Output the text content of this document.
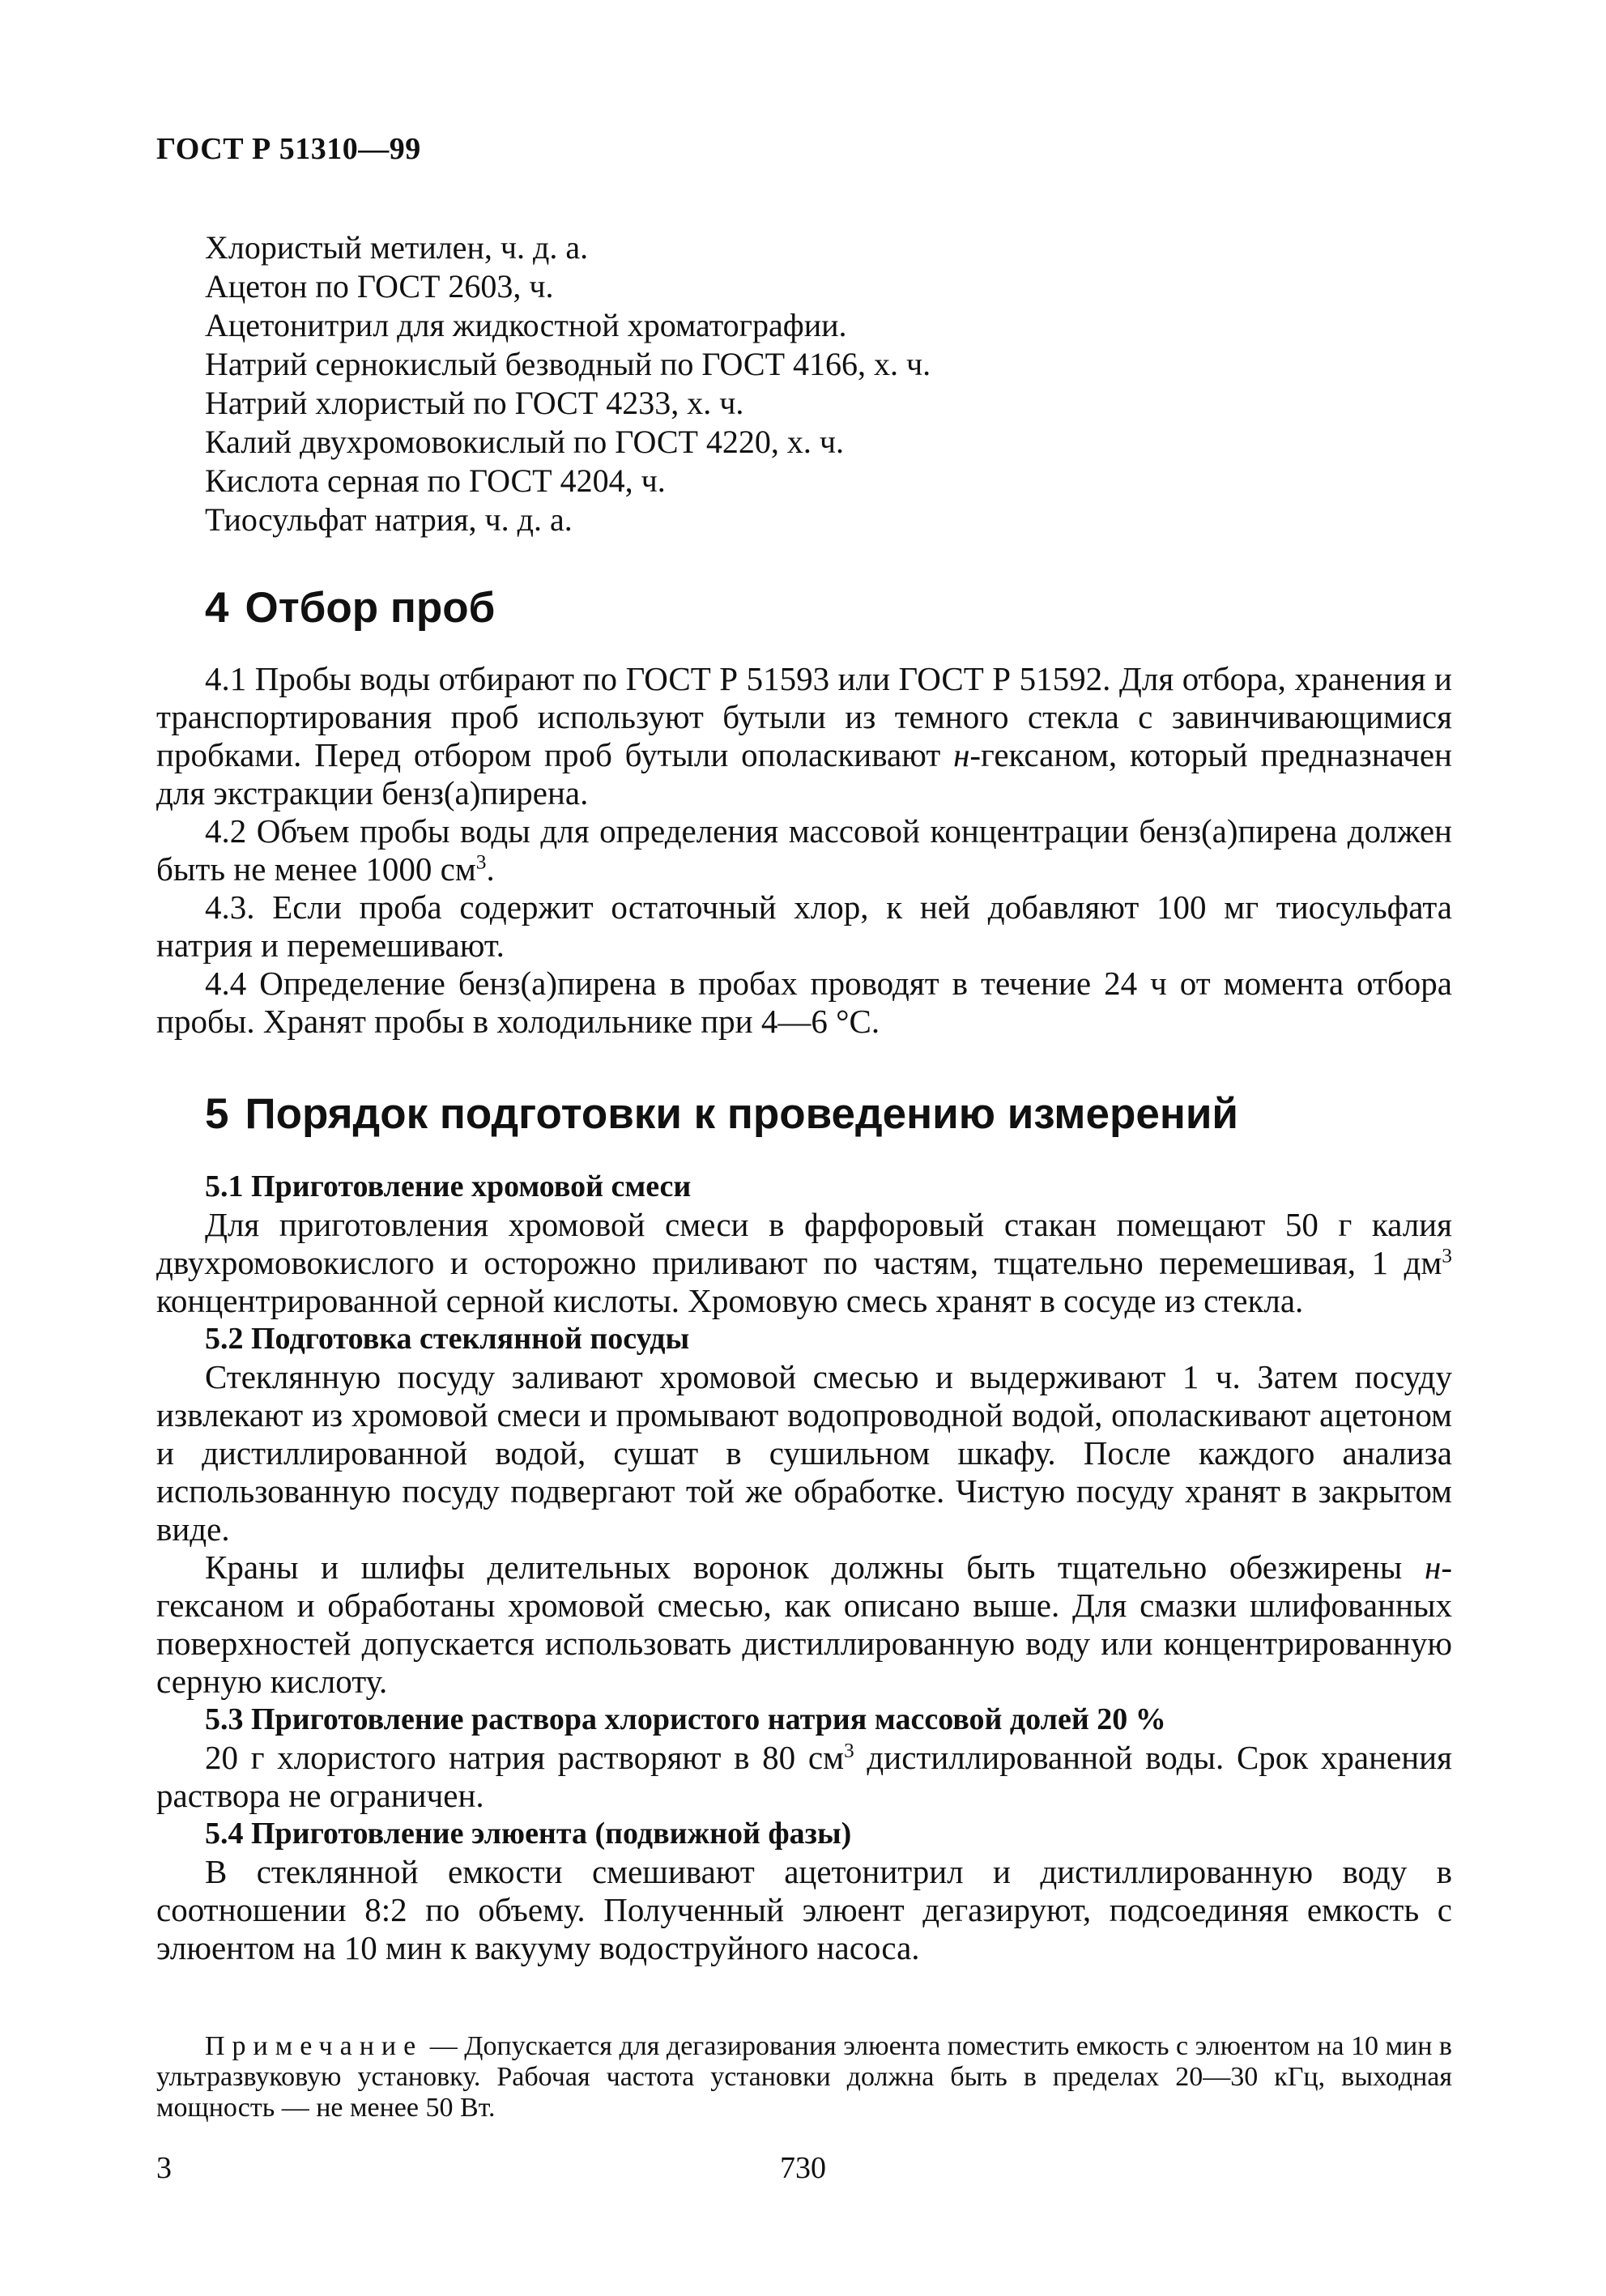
ГОСТ Р 51310—99
Хлористый метилен, ч. д. а.
Ацетон по ГОСТ 2603, ч.
Ацетонитрил для жидкостной хроматографии.
Натрий сернокислый безводный по ГОСТ 4166, х. ч.
Натрий хлористый по ГОСТ 4233, х. ч.
Калий двухромовокислый по ГОСТ 4220, х. ч.
Кислота серная по ГОСТ 4204, ч.
Тиосульфат натрия, ч. д. а.
4 Отбор проб

4.1 Пробы воды отбирают по ГОСТ Р 51593 или ГОСТ Р 51592. Для отбора, хранения и транспортирования проб используют бутыли из темного стекла с завинчивающимися пробками. Перед отбором проб бутыли ополаскивают н-гексаном, который предназначен для экстракции бенз(а)пирена.

4.2 Объем пробы воды для определения массовой концентрации бенз(а)пирена должен быть не менее 1000 $см^3$.

4.3. Если проба содержит остаточный хлор, к ней добавляют 100 мг тиосульфата натрия и перемешивают.

4.4 Определение бенз(а)пирена в пробах проводят в течение 24 ч от момента отбора пробы. Хранят пробы в холодильнике при 4—6 °С.

5 Порядок подготовки к проведению измерений
5.1 Приготовление хромовой смеси

Для приготовления хромовой смеси в фарфоровый стакан помещают 50 г калия двухромовокислого и осторожно приливают по частям, тщательно перемешивая, 1 $дм^3$ концентрированной серной кислоты. Хромовую смесь хранят в сосуде из стекла.

5.2 Подготовка стеклянной посуды

Стеклянную посуду заливают хромовой смесью и выдерживают 1 ч. Затем посуду извлекают из хромовой смеси и промывают водопроводной водой, ополаскивают ацетоном и дистиллированной водой, сушат в сушильном шкафу. После каждого анализа использованную посуду подвергают той же обработке. Чистую посуду хранят в закрытом виде.

Краны и шлифы делительных воронок должны быть тщательно обезжирены н-гексаном и обработаны хромовой смесью, как описано выше. Для смазки шлифованных поверхностей допускается использовать дистиллированную воду или концентрированную серную кислоту.

5.3 Приготовление раствора хлористого натрия массовой долей 20 %

20 г хлористого натрия растворяют в 80 $см^3$ дистиллированной воды. Срок хранения раствора не ограничен.

5.4 Приготовление элюента (подвижной фазы)

В стеклянной емкости смешивают ацетонитрил и дистиллированную воду в соотношении 8:2 по объему. Полученный элюент дегазируют, подсоединяя емкость с элюентом на 10 мин к вакууму водоструйного насоса.

Примечание — Допускается для дегазирования элюента поместить емкость с элюентом на 10 мин в ультразвуковую установку. Рабочая частота установки должна быть в пределах 20—30 кГц, выходная мощность — не менее 50 Вт.
3	730
